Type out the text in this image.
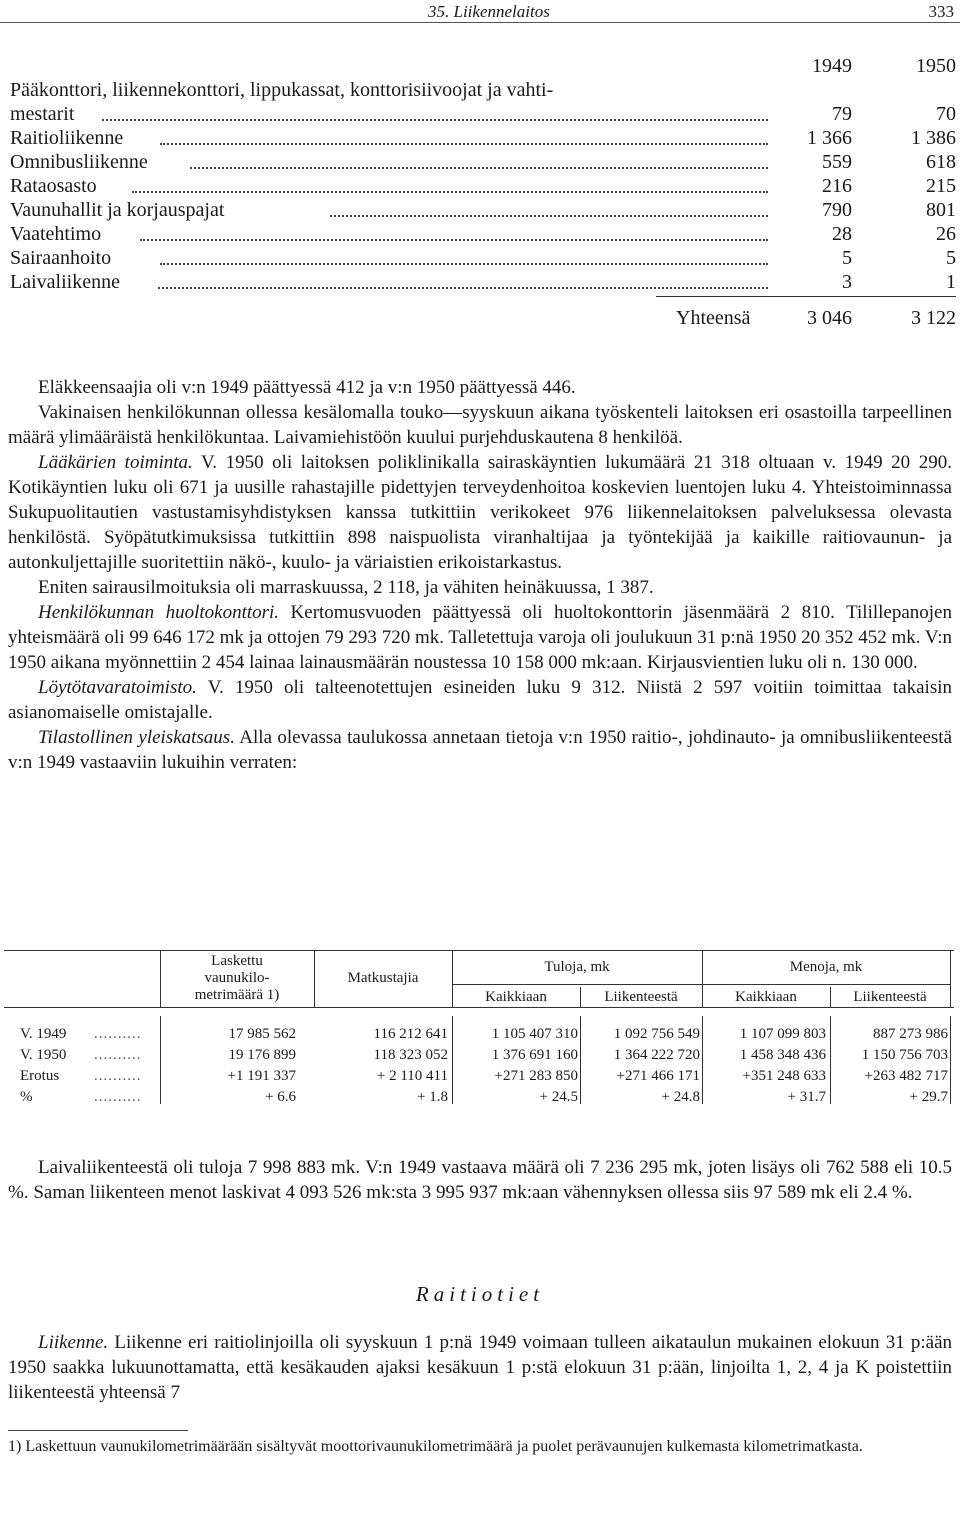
35. Liikennelaitos	333
1949	1950
Pääkonttori, liikennekonttori, lippukassat, konttorisiivoojat ja vahti-
mestarit	79	70
Raitioliikenne	1 366	1 386
Omnibusliikenne	559	618
Rataosasto	216	215
Vaunuhallit ja korjauspajat	790	801
Vaatehtimo	28	26
Sairaanhoito	5	5
Laivaliikenne	3	1
Yhteensä	3 046	3 122

Eläkkeensaajia oli v:n 1949 päättyessä 412 ja v:n 1950 päättyessä 446.

Vakinaisen henkilökunnan ollessa kesälomalla touko—syyskuun aikana työskenteli laitoksen eri osastoilla tarpeellinen määrä ylimääräistä henkilökuntaa. Laivamiehistöön kuului purjehduskautena 8 henkilöä.

Lääkärien toiminta. V. 1950 oli laitoksen poliklinikalla sairaskäyntien lukumäärä 21 318 oltuaan v. 1949 20 290. Kotikäyntien luku oli 671 ja uusille rahastajille pidettyjen terveydenhoitoa koskevien luentojen luku 4. Yhteistoiminnassa Sukupuolitautien vastustamisyhdistyksen kanssa tutkittiin verikokeet 976 liikennelaitoksen palveluksessa olevasta henkilöstä. Syöpätutkimuksissa tutkittiin 898 naispuolista viranhaltijaa ja työntekijää ja kaikille raitiovaunun- ja autonkuljettajille suoritettiin näkö-, kuulo- ja väriaistien erikoistarkastus.

Eniten sairausilmoituksia oli marraskuussa, 2 118, ja vähiten heinäkuussa, 1 387.

Henkilökunnan huoltokonttori. Kertomusvuoden päättyessä oli huoltokonttorin jäsenmäärä 2 810. Tilillepanojen yhteismäärä oli 99 646 172 mk ja ottojen 79 293 720 mk. Talletettuja varoja oli joulukuun 31 p:nä 1950 20 352 452 mk. V:n 1950 aikana myönnettiin 2 454 lainaa lainausmäärän noustessa 10 158 000 mk:aan. Kirjausvientien luku oli n. 130 000.

Löytötavaratoimisto. V. 1950 oli talteenotettujen esineiden luku 9 312. Niistä 2 597 voitiin toimittaa takaisin asianomaiselle omistajalle.

Tilastollinen yleiskatsaus. Alla olevassa taulukossa annetaan tietoja v:n 1950 raitio-, johdinauto- ja omnibusliikenteestä v:n 1949 vastaaviin lukuihin verraten:

Laskettu
vaunukilo-
metrimäärä 1)
Matkustajia
Tuloja, mk	Menoja, mk
Kaikkiaan	Liikenteestä	Kaikkiaan	Liikenteestä
V. 1949 ..........	17 985 562	116 212 641	1 105 407 310	1 092 756 549	1 107 099 803	887 273 986
V. 1950 ..........	19 176 899	118 323 052	1 376 691 160	1 364 222 720	1 458 348 436	1 150 756 703
Erotus ..........	+1 191 337	+ 2 110 411	+271 283 850	+271 466 171	+351 248 633	+263 482 717
%	..........	+ 6.6	+ 1.8	+ 24.5	+ 24.8	+ 31.7	+ 29.7

Laivaliikenteestä oli tuloja 7 998 883 mk. V:n 1949 vastaava määrä oli 7 236 295 mk, joten lisäys oli 762 588 eli 10.5 %. Saman liikenteen menot laskivat 4 093 526 mk:sta 3 995 937 mk:aan vähennyksen ollessa siis 97 589 mk eli 2.4 %.

Raitiotiet

Liikenne. Liikenne eri raitiolinjoilla oli syyskuun 1 p:nä 1949 voimaan tulleen aikataulun mukainen elokuun 31 p:ään 1950 saakka lukuunottamatta, että kesäkauden ajaksi kesäkuun 1 p:stä elokuun 31 p:ään, linjoilta 1, 2, 4 ja K poistettiin liikenteestä yhteensä 7

1) Laskettuun vaunukilometrimäärään sisältyvät moottorivaunukilometrimäärä ja puolet perävaunujen kulkemasta kilometrimatkasta.
